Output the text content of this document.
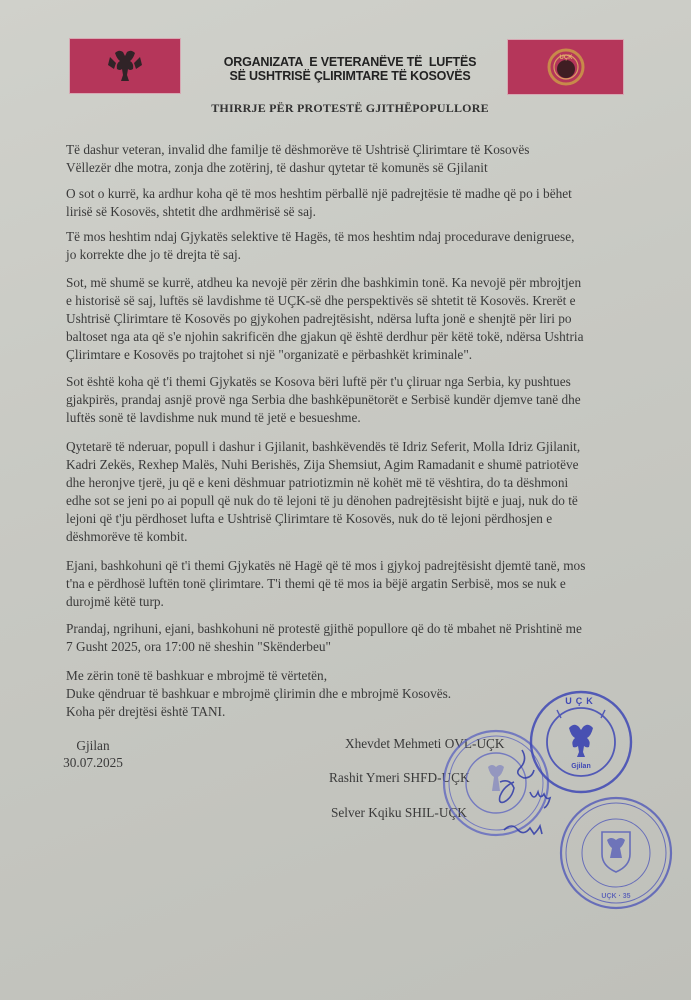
UÇK
ORGANIZATA  E VETERANËVE TË  LUFTËS
SË USHTRISË ÇLIRIMTARE TË KOSOVËS
THIRRJE PËR PROTESTË GJITHËPOPULLORE
Të dashur veteran, invalid dhe familje të dëshmorëve të Ushtrisë Çlirimtare të Kosovës
Vëllezër dhe motra, zonja dhe zotërinj, të dashur qytetar të komunës së Gjilanit
O sot o kurrë, ka ardhur koha që të mos heshtim përballë një padrejtësie të madhe që po i bëhet
lirisë së Kosovës, shtetit dhe ardhmërisë së saj.
Të mos heshtim ndaj Gjykatës selektive të Hagës, të mos heshtim ndaj procedurave denigruese,
jo korrekte dhe jo të drejta të saj.
Sot, më shumë se kurrë, atdheu ka nevojë për zërin dhe bashkimin tonë. Ka nevojë për mbrojtjen
e historisë së saj, luftës së lavdishme të UÇK-së dhe perspektivës së shtetit të Kosovës. Krerët e
Ushtrisë Çlirimtare të Kosovës po gjykohen padrejtësisht, ndërsa lufta jonë e shenjtë për liri po
baltoset nga ata që s'e njohin sakrificën dhe gjakun që është derdhur për këtë tokë, ndërsa Ushtria
Çlirimtare e Kosovës po trajtohet si një "organizatë e përbashkët kriminale".
Sot është koha që t'i themi Gjykatës se Kosova bëri luftë për t'u çliruar nga Serbia, ky pushtues
gjakpirës, prandaj asnjë provë nga Serbia dhe bashkëpunëtorët e Serbisë kundër djemve tanë dhe
luftës sonë të lavdishme nuk mund të jetë e besueshme.
Qytetarë të nderuar, popull i dashur i Gjilanit, bashkëvendës të Idriz Seferit, Molla Idriz Gjilanit,
Kadri Zekës, Rexhep Malës, Nuhi Berishës, Zija Shemsiut, Agim Ramadanit e shumë patriotëve
dhe heronjve tjerë, ju që e keni dëshmuar patriotizmin në kohët më të vështira, do ta dëshmoni
edhe sot se jeni po ai popull që nuk do të lejoni të ju dënohen padrejtësisht bijtë e juaj, nuk do të
lejoni që t'ju përdhoset lufta e Ushtrisë Çlirimtare të Kosovës, nuk do të lejoni përdhosjen e
dëshmorëve të kombit.
Ejani, bashkohuni që t'i themi Gjykatës në Hagë që të mos i gjykoj padrejtësisht djemtë tanë, mos
t'na e përdhosë luftën tonë çlirimtare. T'i themi që të mos ia bëjë argatin Serbisë, mos se nuk e
durojmë këtë turp.
Prandaj, ngrihuni, ejani, bashkohuni në protestë gjithë popullore që do të mbahet në Prishtinë me
7 Gusht 2025, ora 17:00 në sheshin "Skënderbeu"
Me zërin tonë të bashkuar e mbrojmë të vërtetën,
Duke qëndruar të bashkuar e mbrojmë çlirimin dhe e mbrojmë Kosovës.
Koha për drejtësi është TANI.
Gjilan
30.07.2025
Xhevdet Mehmeti OVL-UÇK
Rashit Ymeri SHFD-UÇK
Selver Kqiku SHIL-UÇK
UÇK
Gjilan
UÇK · 35
